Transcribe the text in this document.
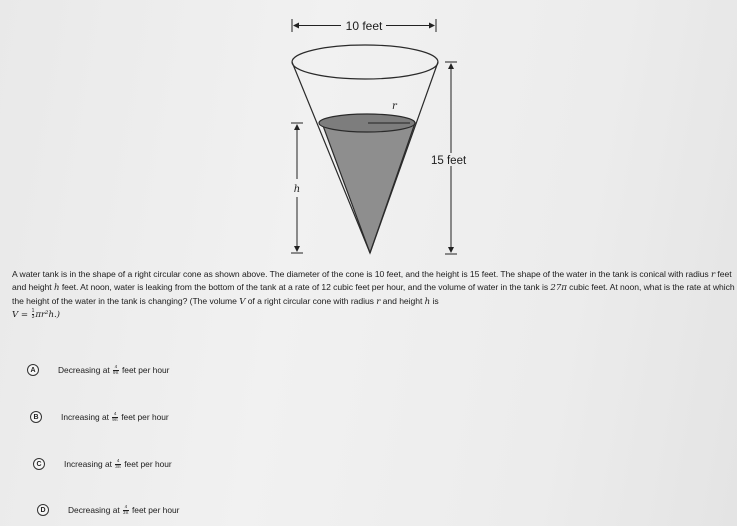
10 feet
r
h
15 feet
A water tank is in the shape of a right circular cone as shown above. The diameter of the cone is 10 feet, and the height is 15 feet. The shape of the water in the tank is conical with radius r feet and height h feet. At noon, water is leaking from the bottom of the tank at a rate of 12 cubic feet per hour, and the volume of water in the tank is 27π cubic feet. At noon, what is the rate at which the height of the water in the tank is changing? (The volume V of a right circular cone with radius r and height h is
$V = \frac{1}{3} \pi r^2h$.)
A	Decreasing at
$\frac{4}{9\pi}$
feet per hour
B	Increasing at
$\frac{4}{9\pi}$
feet per hour
C	Increasing at
$\frac{4}{3\pi}$
feet per hour
D	Decreasing at
$\frac{4}{3\pi}$
feet per hour
